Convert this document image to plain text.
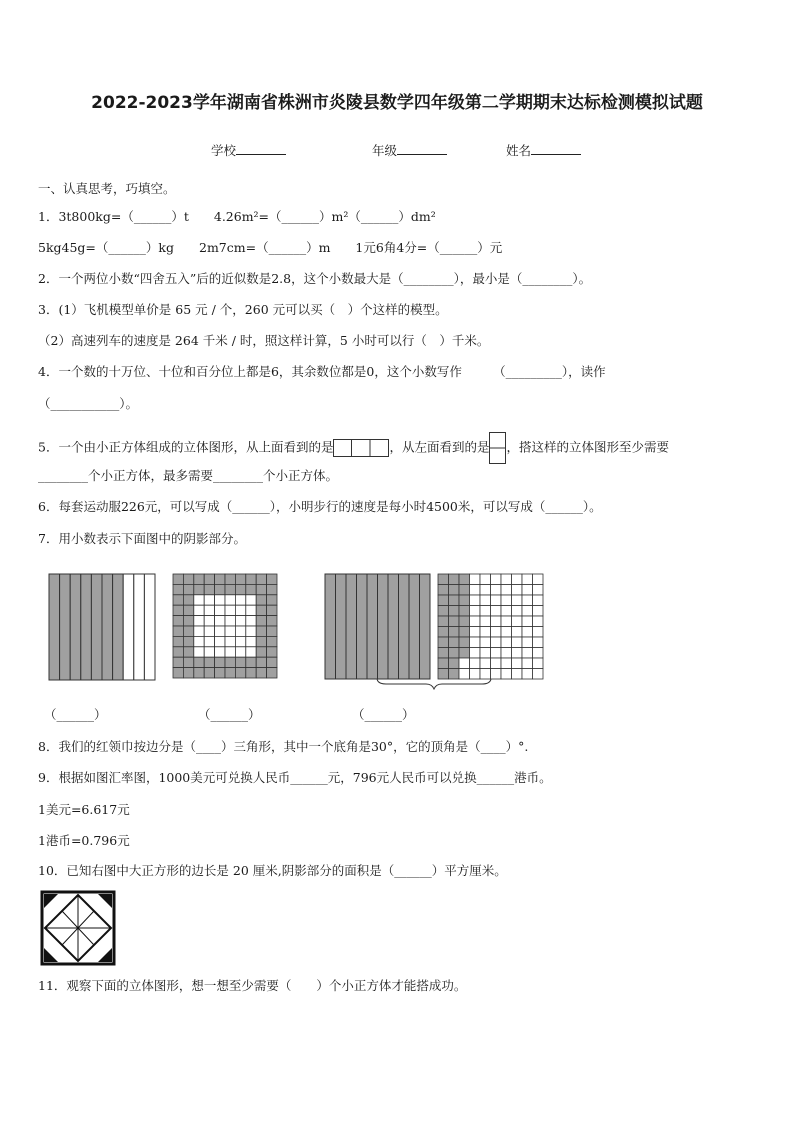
2022-2023学年湖南省株洲市炎陵县数学四年级第二学期期末达标检测模拟试题
学校	年级	姓名
一、认真思考，巧填空。
1．3t800kg=（______）t　　4.26m²=（______）m²（______）dm²
5kg45g=（______）kg　　2m7cm=（______）m　　1元6角4分=（______）元
2．一个两位小数“四舍五入”后的近似数是2.8，这个小数最大是（________），最小是（________）。
3．(1）飞机模型单价是 65 元 / 个，260 元可以买（　）个这样的模型。
（2）高速列车的速度是 264 千米 / 时，照这样计算，5 小时可以行（　）千米。
4．一个数的十万位、十位和百分位上都是6，其余数位都是0，这个小数写作　　　（_________），读作
（___________）。
5．一个由小正方体组成的立体图形，从上面看到的是	，从左面看到的是 ，搭这样的立体图形至少需要
________个小正方体，最多需要________个小正方体。
6．每套运动服226元，可以写成（______），小明步行的速度是每小时4500米，可以写成（______）。
7．用小数表示下面图中的阴影部分。
（______）	（______）	（______）
8．我们的红领巾按边分是（____）三角形，其中一个底角是30°，它的顶角是（____）°.
9．根据如图汇率图，1000美元可兑换人民币______元，796元人民币可以兑换______港币。
1美元=6.617元
1港币=0.796元
10．已知右图中大正方形的边长是 20 厘米,阴影部分的面积是（______）平方厘米。
11．观察下面的立体图形，想一想至少需要（　　）个小正方体才能搭成功。
